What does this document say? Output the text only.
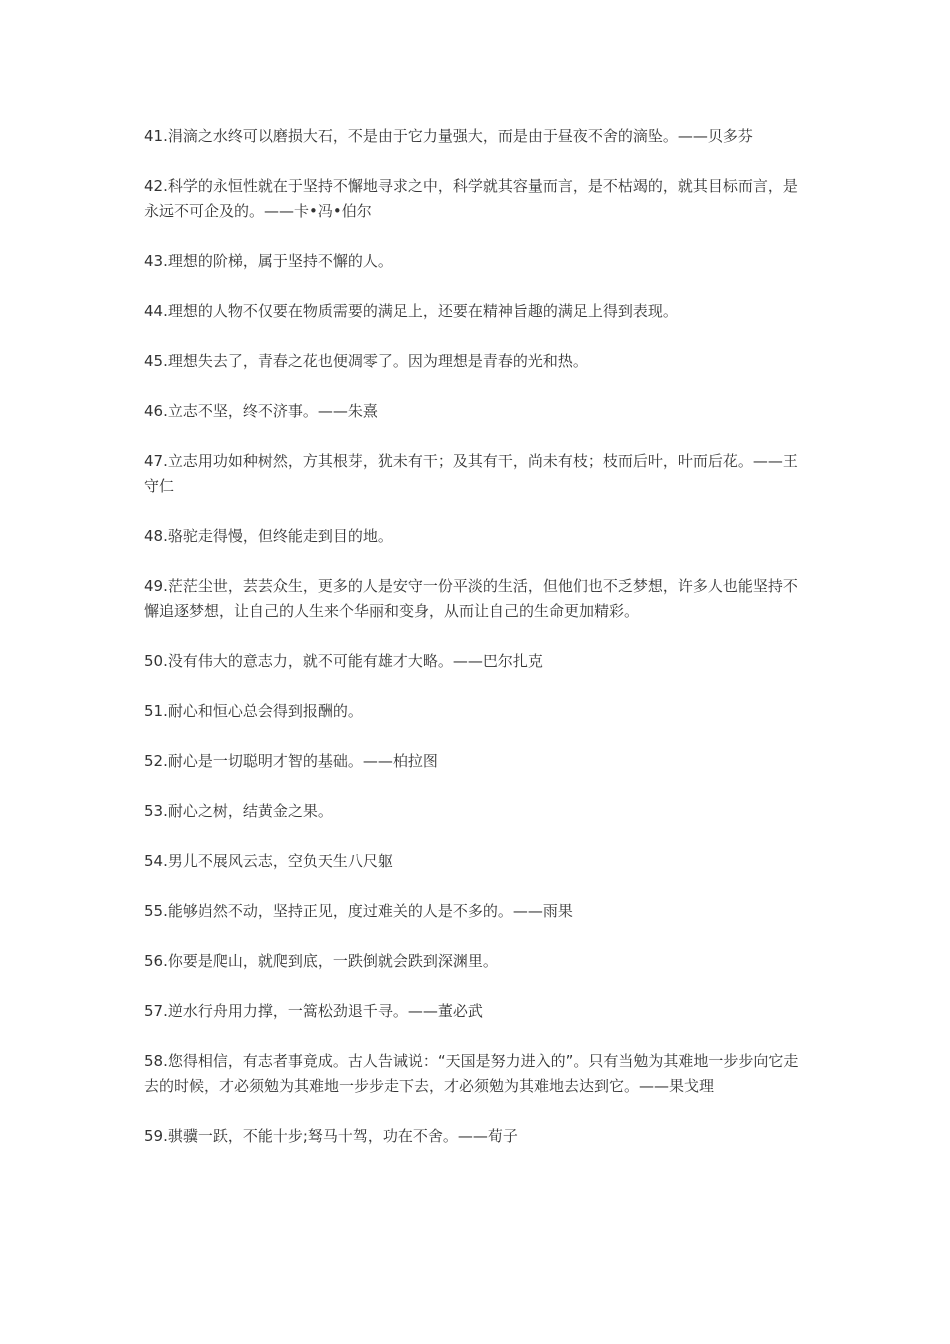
41.涓滴之水终可以磨损大石，不是由于它力量强大，而是由于昼夜不舍的滴坠。——贝多芬

42.科学的永恒性就在于坚持不懈地寻求之中，科学就其容量而言，是不枯竭的，就其目标而言，是永远不可企及的。——卡•冯•伯尔

43.理想的阶梯，属于坚持不懈的人。

44.理想的人物不仅要在物质需要的满足上，还要在精神旨趣的满足上得到表现。

45.理想失去了，青春之花也便凋零了。因为理想是青春的光和热。

46.立志不坚，终不济事。——朱熹

47.立志用功如种树然，方其根芽，犹未有干；及其有干，尚未有枝；枝而后叶，叶而后花。——王守仁

48.骆驼走得慢，但终能走到目的地。

49.茫茫尘世，芸芸众生，更多的人是安守一份平淡的生活，但他们也不乏梦想，许多人也能坚持不懈追逐梦想，让自己的人生来个华丽和变身，从而让自己的生命更加精彩。

50.没有伟大的意志力，就不可能有雄才大略。——巴尔扎克

51.耐心和恒心总会得到报酬的。

52.耐心是一切聪明才智的基础。——柏拉图

53.耐心之树，结黄金之果。

54.男儿不展风云志，空负天生八尺躯

55.能够岿然不动，坚持正见，度过难关的人是不多的。——雨果

56.你要是爬山，就爬到底，一跌倒就会跌到深渊里。

57.逆水行舟用力撑，一篙松劲退千寻。——董必武

58.您得相信，有志者事竟成。古人告诫说：“天国是努力进入的”。只有当勉为其难地一步步向它走去的时候，才必须勉为其难地一步步走下去，才必须勉为其难地去达到它。——果戈理

59.骐骥一跃，不能十步;驽马十驾，功在不舍。——荀子
